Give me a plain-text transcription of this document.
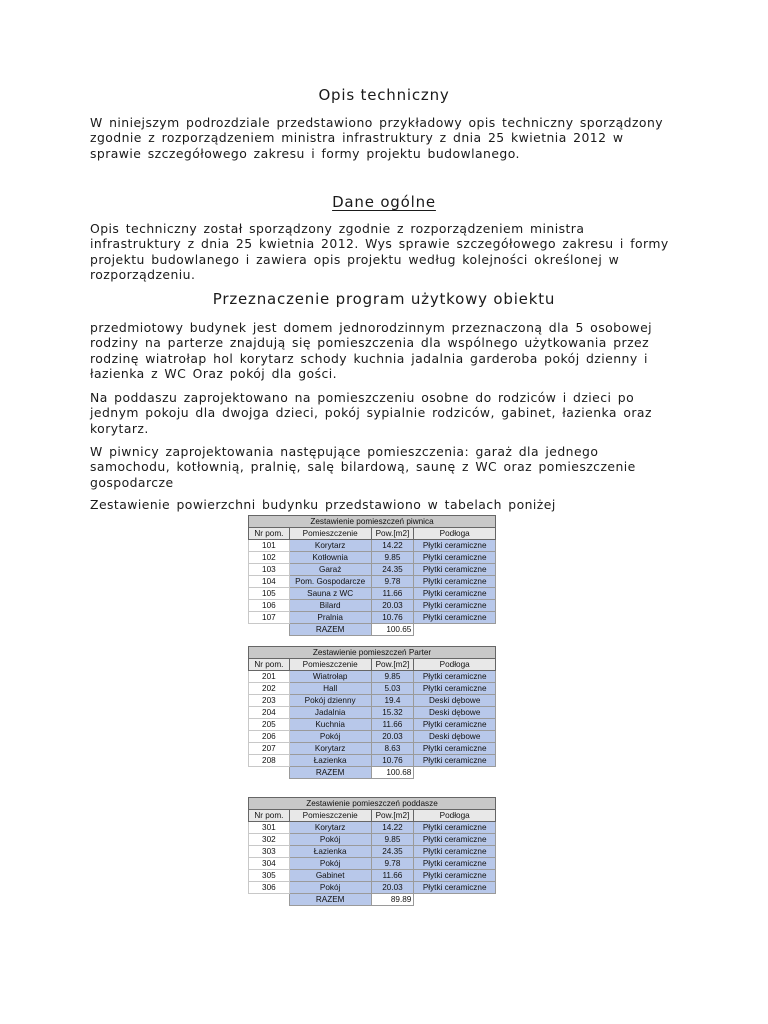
Opis techniczny

W niniejszym podrozdziale przedstawiono przykładowy opis techniczny sporządzony
zgodnie z rozporządzeniem ministra infrastruktury z dnia 25 kwietnia 2012 w
sprawie szczegółowego zakresu i formy projektu budowlanego.

Dane ogólne

Opis techniczny został sporządzony zgodnie z rozporządzeniem ministra
infrastruktury z dnia 25 kwietnia 2012. Wys sprawie szczegółowego zakresu i formy
projektu budowlanego i zawiera opis projektu według kolejności określonej w
rozporządzeniu.

Przeznaczenie program użytkowy obiektu

przedmiotowy budynek jest domem jednorodzinnym przeznaczoną dla 5 osobowej
rodziny na parterze znajdują się pomieszczenia dla wspólnego użytkowania przez
rodzinę wiatrołap hol korytarz schody kuchnia jadalnia garderoba pokój dzienny i
łazienka z WC Oraz pokój dla gości.

Na poddaszu zaprojektowano na pomieszczeniu osobne do rodziców i dzieci po
jednym pokoju dla dwojga dzieci, pokój sypialnie rodziców, gabinet, łazienka oraz
korytarz.

W piwnicy zaprojektowania następujące pomieszczenia: garaż dla jednego
samochodu, kotłownią, pralnię, salę bilardową, saunę z WC oraz pomieszczenie
gospodarcze

Zestawienie powierzchni budynku przedstawiono w tabelach poniżej

Zestawienie pomieszczeń piwnica			
Nr pom.	Pomieszczenie	Pow.[m2]	Podłoga
101	Korytarz	14.22	Płytki ceramiczne
102	Kotłownia	9.85	Płytki ceramiczne
103	Garaż	24.35	Płytki ceramiczne
104	Pom. Gospodarcze	9.78	Płytki ceramiczne
105	Sauna z WC	11.66	Płytki ceramiczne
106	Bilard	20.03	Płytki ceramiczne
107	Pralnia	10.76	Płytki ceramiczne
	RAZEM	100.65	
Zestawienie pomieszczeń Parter			
Nr pom.	Pomieszczenie	Pow.[m2]	Podłoga
201	Wiatrołap	9.85	Płytki ceramiczne
202	Hall	5.03	Płytki ceramiczne
203	Pokój dzienny	19.4	Deski dębowe
204	Jadalnia	15.32	Deski dębowe
205	Kuchnia	11.66	Płytki ceramiczne
206	Pokój	20.03	Deski dębowe
207	Korytarz	8.63	Płytki ceramiczne
208	Łazienka	10.76	Płytki ceramiczne
	RAZEM	100.68	
Zestawienie pomieszczeń poddasze			
Nr pom.	Pomieszczenie	Pow.[m2]	Podłoga
301	Korytarz	14.22	Płytki ceramiczne
302	Pokój	9.85	Płytki ceramiczne
303	Łazienka	24.35	Płytki ceramiczne
304	Pokój	9.78	Płytki ceramiczne
305	Gabinet	11.66	Płytki ceramiczne
306	Pokój	20.03	Płytki ceramiczne
	RAZEM	89.89	
